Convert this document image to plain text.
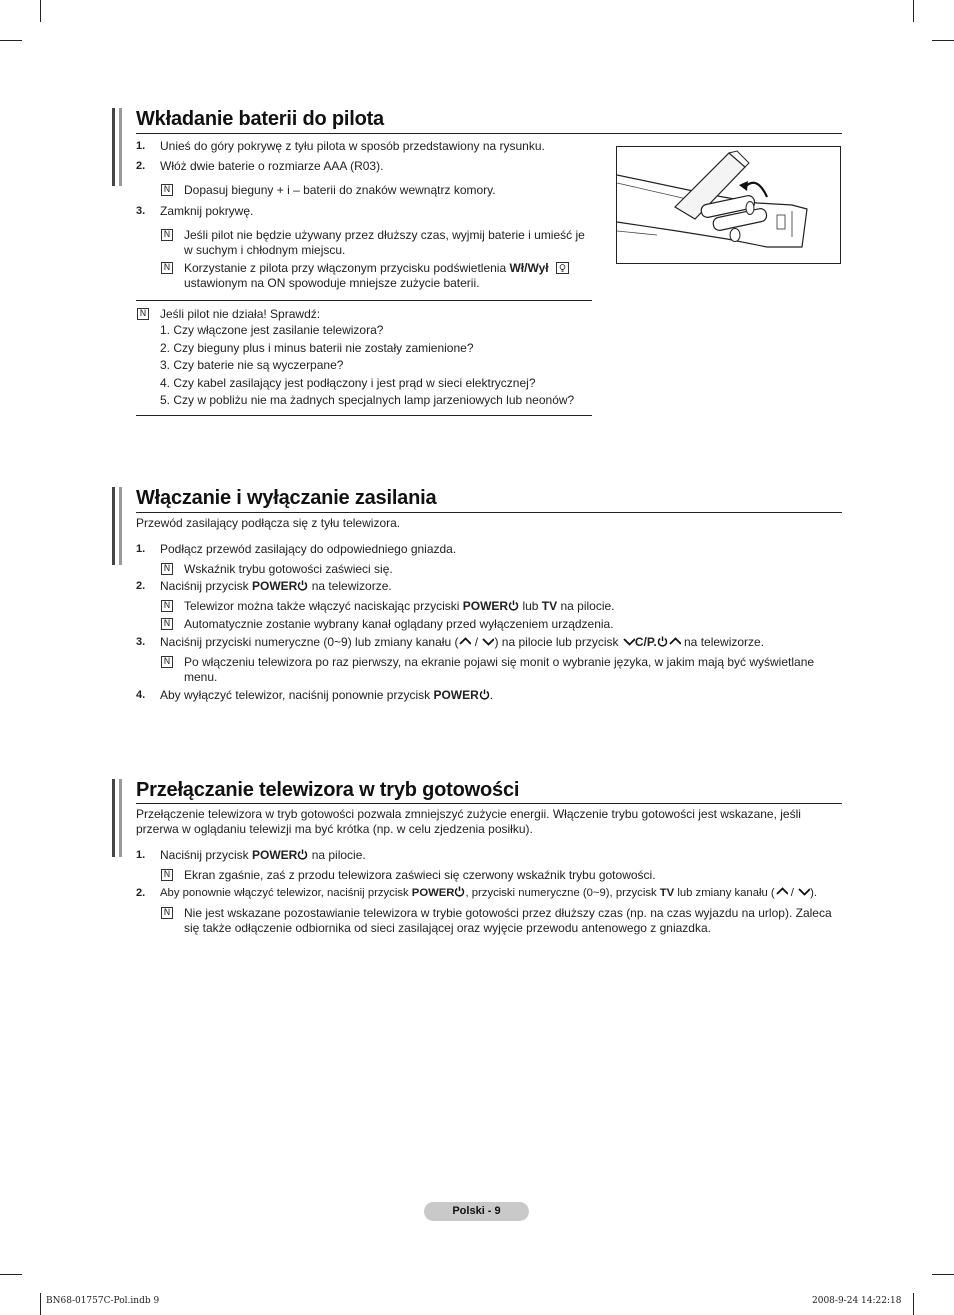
Wkładanie baterii do pilota
1. Unieś do góry pokrywę z tyłu pilota w sposób przedstawiony na rysunku.
2. Włóż dwie baterie o rozmiarze AAA (R03).
N Dopasuj bieguny + i – baterii do znaków wewnątrz komory.
3. Zamknij pokrywę.
N Jeśli pilot nie będzie używany przez dłuższy czas, wyjmij baterie i umieść je
w suchym i chłodnym miejscu.
N Korzystanie z pilota przy włączonym przycisku podświetlenia Wł/Wył
ustawionym na ON spowoduje mniejsze zużycie baterii.
N Jeśli pilot nie działa! Sprawdź:
1. Czy włączone jest zasilanie telewizora?
2. Czy bieguny plus i minus baterii nie zostały zamienione?
3. Czy baterie nie są wyczerpane?
4. Czy kabel zasilający jest podłączony i jest prąd w sieci elektrycznej?
5. Czy w pobliżu nie ma żadnych specjalnych lamp jarzeniowych lub neonów?
Włączanie i wyłączanie zasilania
Przewód zasilający podłącza się z tyłu telewizora.
1. Podłącz przewód zasilający do odpowiedniego gniazda.
N Wskaźnik trybu gotowości zaświeci się.
2. Naciśnij przycisk POWER na telewizorze.
N Telewizor można także włączyć naciskając przyciski POWER lub TV na pilocie.
N Automatycznie zostanie wybrany kanał oglądany przed wyłączeniem urządzenia.
3. Naciśnij przyciski numeryczne (0~9) lub zmiany kanału ( / ) na pilocie lub przycisk C/P. na telewizorze.
N Po włączeniu telewizora po raz pierwszy, na ekranie pojawi się monit o wybranie języka, w jakim mają być wyświetlane
menu.
4. Aby wyłączyć telewizor, naciśnij ponownie przycisk POWER .
Przełączanie telewizora w tryb gotowości
Przełączenie telewizora w tryb gotowości pozwala zmniejszyć zużycie energii. Włączenie trybu gotowości jest wskazane, jeśli
przerwa w oglądaniu telewizji ma być krótka (np. w celu zjedzenia posiłku).
1. Naciśnij przycisk POWER na pilocie.
N Ekran zgaśnie, zaś z przodu telewizora zaświeci się czerwony wskaźnik trybu gotowości.
2. Aby ponownie włączyć telewizor, naciśnij przycisk POWER , przyciski numeryczne (0~9), przycisk TV lub zmiany kanału ( / ).
N Nie jest wskazane pozostawianie telewizora w trybie gotowości przez dłuższy czas (np. na czas wyjazdu na urlop). Zaleca
się także odłączenie odbiornika od sieci zasilającej oraz wyjęcie przewodu antenowego z gniazdka.
Polski - 9
BN68-01757C-Pol.indb 9	2008-9-24 14:22:18
